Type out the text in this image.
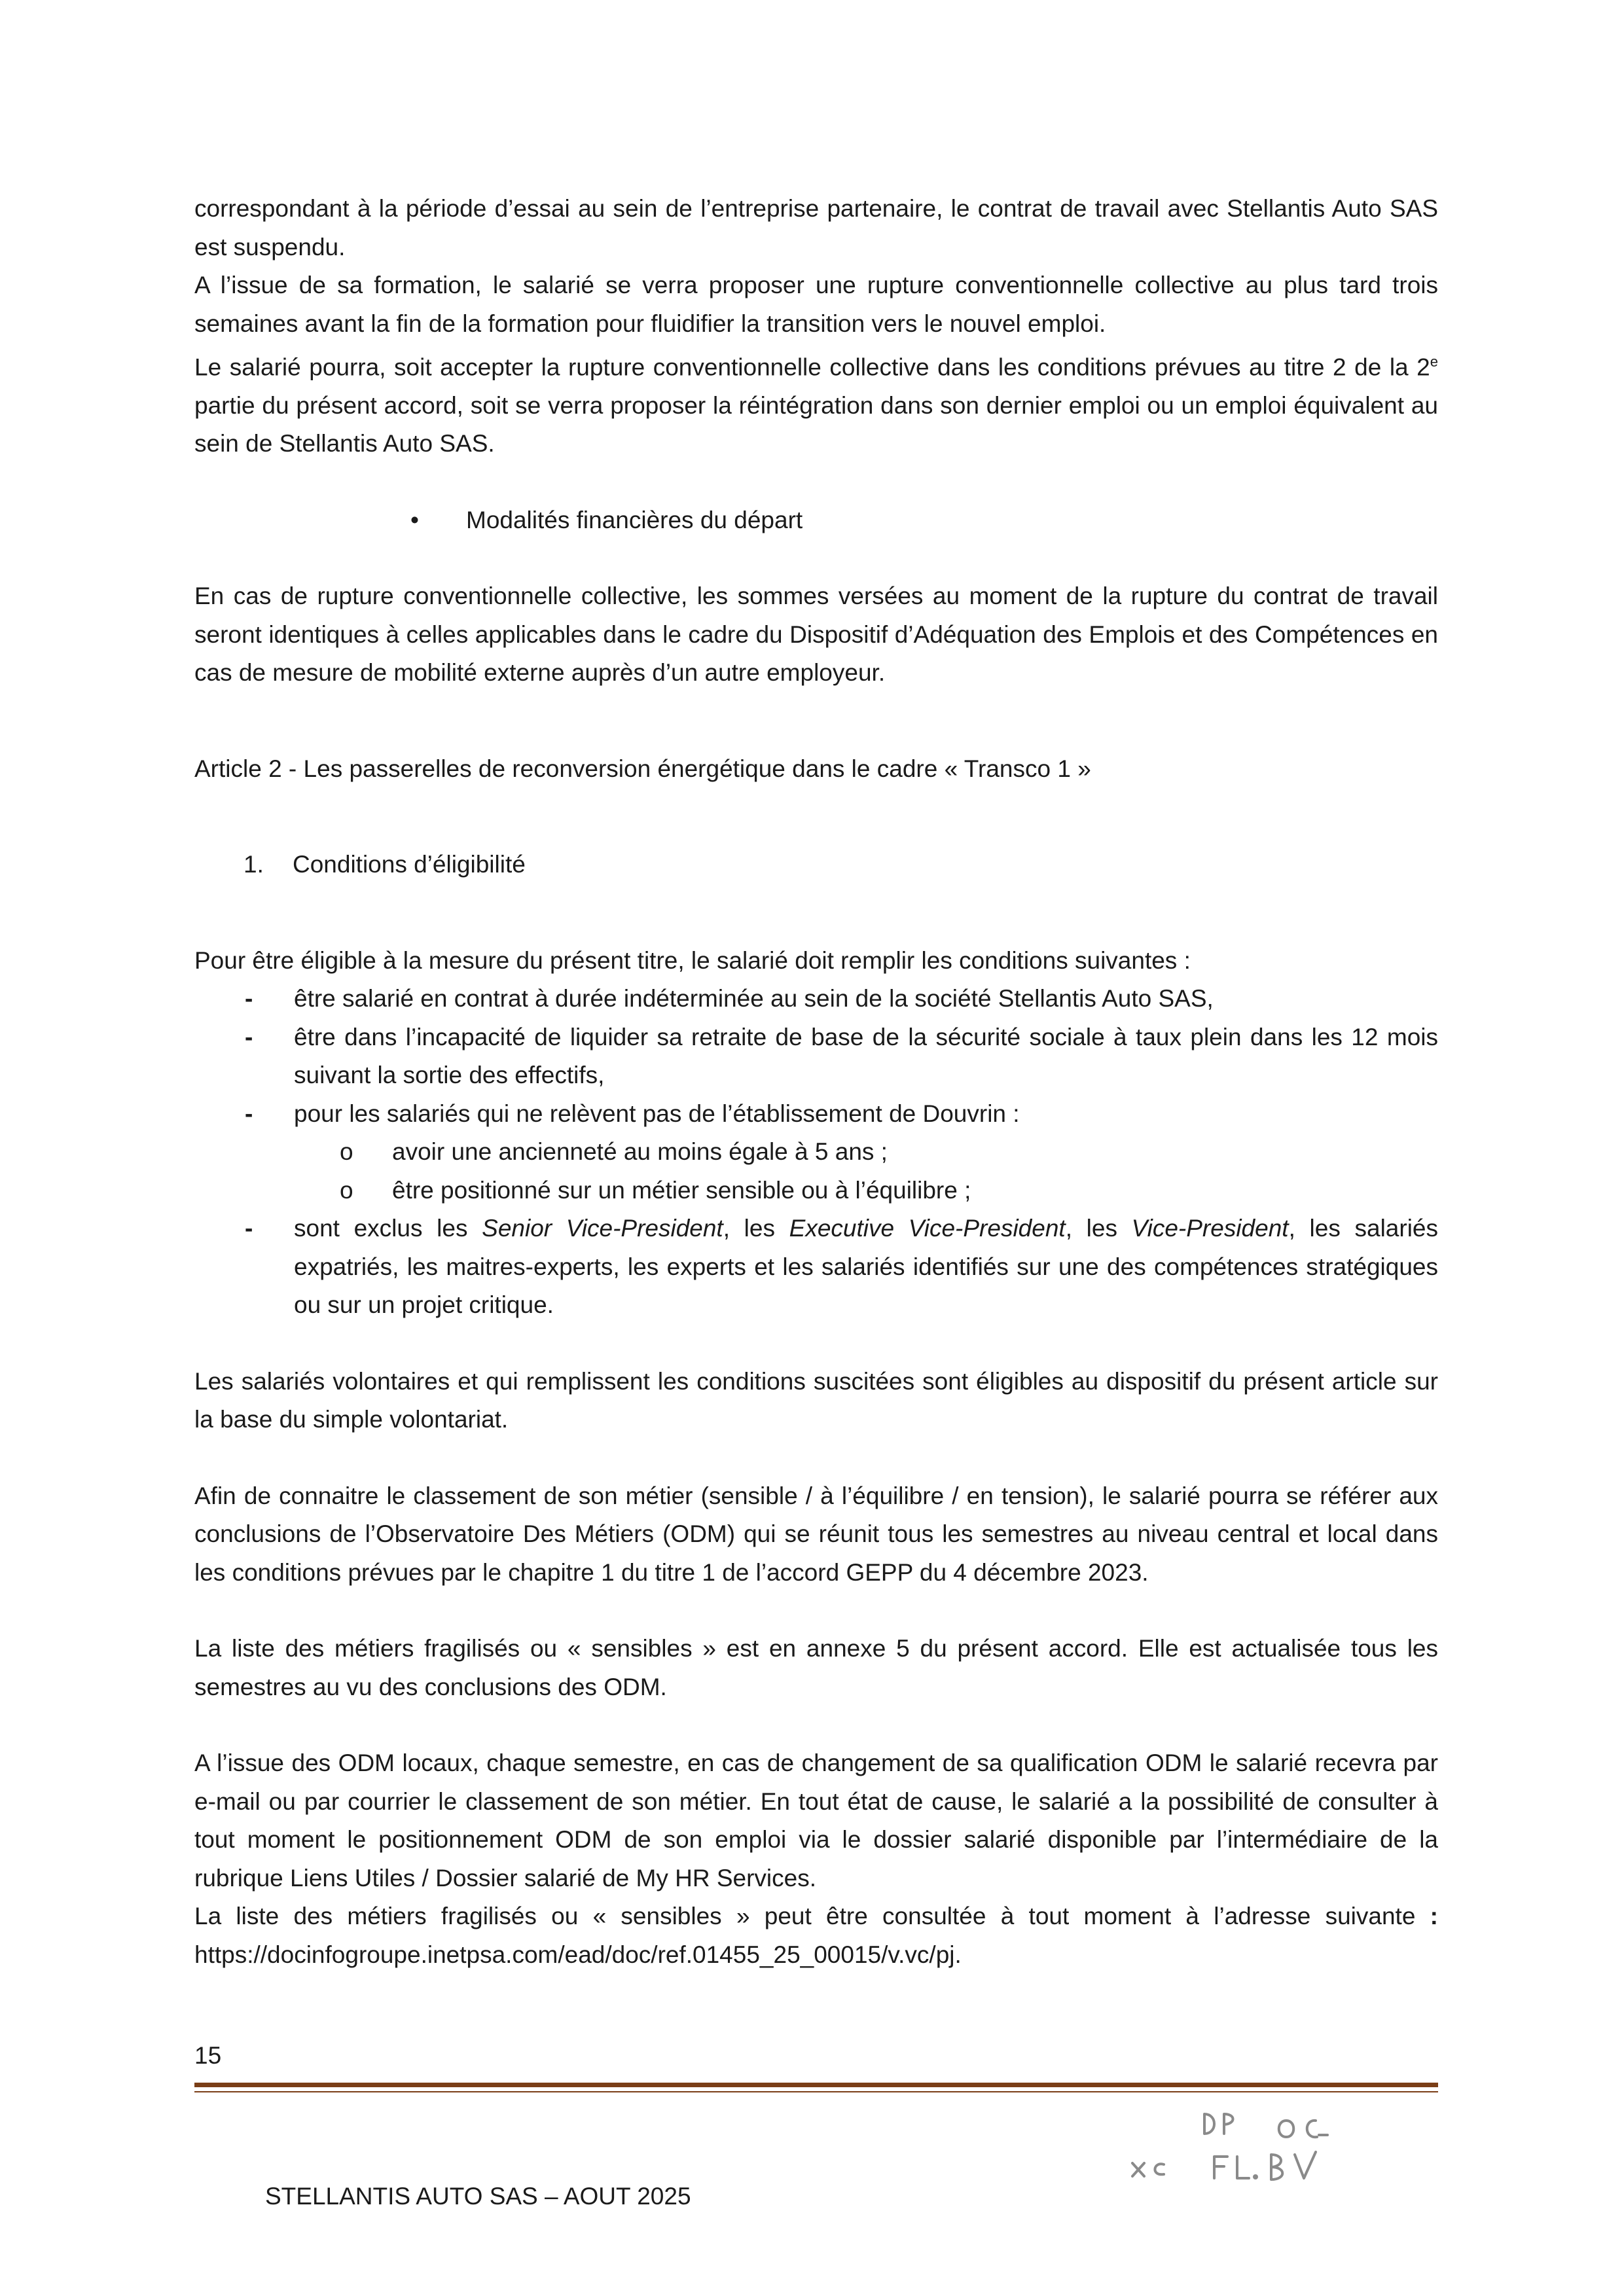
correspondant à la période d’essai au sein de l’entreprise partenaire, le contrat de travail avec Stellantis Auto SAS est suspendu.

A l’issue de sa formation, le salarié se verra proposer une rupture conventionnelle collective au plus tard trois semaines avant la fin de la formation pour fluidifier la transition vers le nouvel emploi.

Le salarié pourra, soit accepter la rupture conventionnelle collective dans les conditions prévues au titre 2 de la 2e partie du présent accord, soit se verra proposer la réintégration dans son dernier emploi ou un emploi équivalent au sein de Stellantis Auto SAS.

• Modalités financières du départ

En cas de rupture conventionnelle collective, les sommes versées au moment de la rupture du contrat de travail seront identiques à celles applicables dans le cadre du Dispositif d’Adéquation des Emplois et des Compétences en cas de mesure de mobilité externe auprès d’un autre employeur.

Article 2 - Les passerelles de reconversion énergétique dans le cadre « Transco 1 »

1. Conditions d’éligibilité

Pour être éligible à la mesure du présent titre, le salarié doit remplir les conditions suivantes :

- être salarié en contrat à durée indéterminée au sein de la société Stellantis Auto SAS,
- être dans l’incapacité de liquider sa retraite de base de la sécurité sociale à taux plein dans les 12 mois suivant la sortie des effectifs,
- pour les salariés qui ne relèvent pas de l’établissement de Douvrin :
o avoir une ancienneté au moins égale à 5 ans ;
o être positionné sur un métier sensible ou à l’équilibre ;
- sont exclus les Senior Vice-President, les Executive Vice-President, les Vice-President, les salariés expatriés, les maitres-experts, les experts et les salariés identifiés sur une des compétences stratégiques ou sur un projet critique.

Les salariés volontaires et qui remplissent les conditions suscitées sont éligibles au dispositif du présent article sur la base du simple volontariat.

Afin de connaitre le classement de son métier (sensible / à l’équilibre / en tension), le salarié pourra se référer aux conclusions de l’Observatoire Des Métiers (ODM) qui se réunit tous les semestres au niveau central et local dans les conditions prévues par le chapitre 1 du titre 1 de l’accord GEPP du 4 décembre 2023.

La liste des métiers fragilisés ou « sensibles » est en annexe 5 du présent accord. Elle est actualisée tous les semestres au vu des conclusions des ODM.

A l’issue des ODM locaux, chaque semestre, en cas de changement de sa qualification ODM le salarié recevra par e-mail ou par courrier le classement de son métier. En tout état de cause, le salarié a la possibilité de consulter à tout moment le positionnement ODM de son emploi via le dossier salarié disponible par l’intermédiaire de la rubrique Liens Utiles / Dossier salarié de My HR Services.

La liste des métiers fragilisés ou « sensibles » peut être consultée à tout moment à l’adresse suivante : https://docinfogroupe.inetpsa.com/ead/doc/ref.01455_25_00015/v.vc/pj.

15
STELLANTIS AUTO SAS – AOUT 2025
